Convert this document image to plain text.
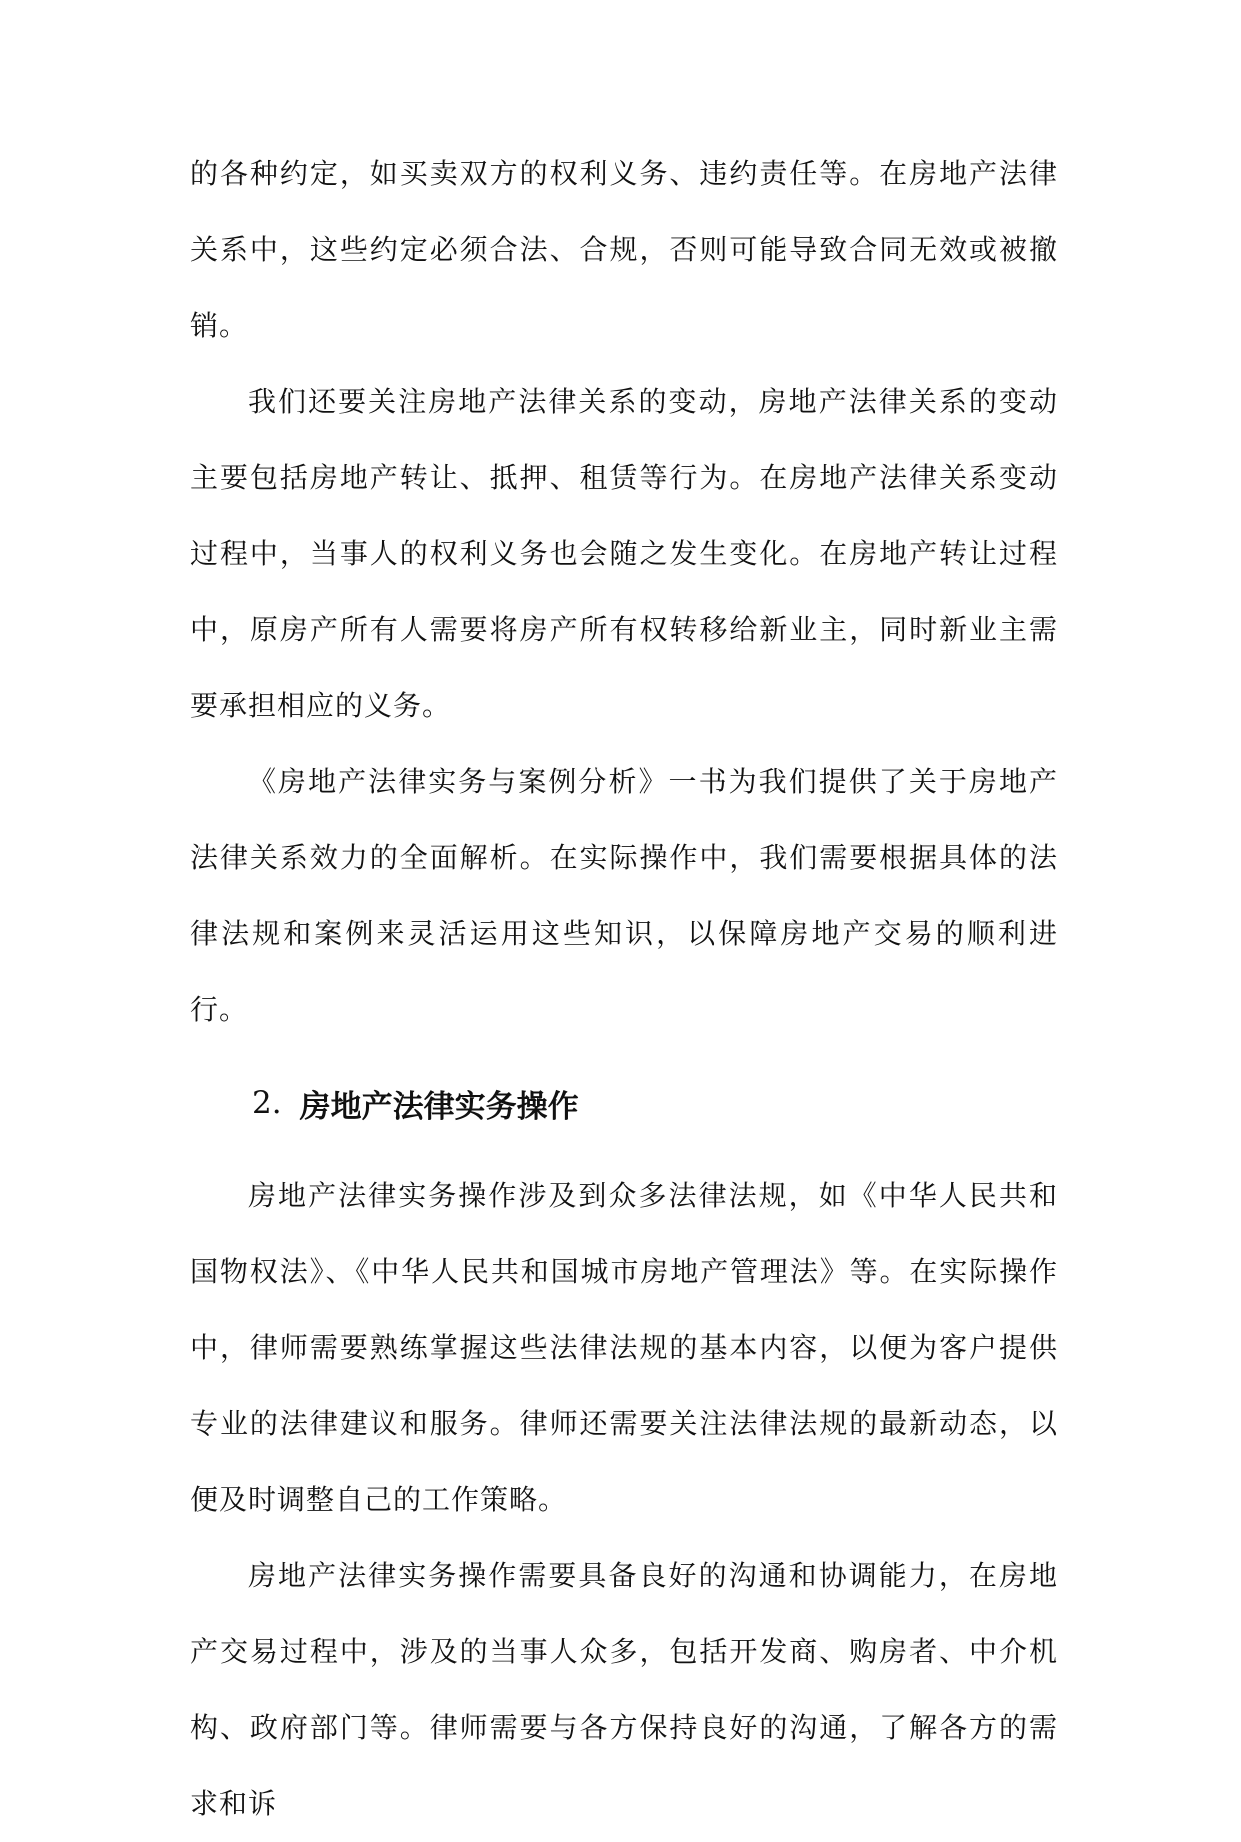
的各种约定，如买卖双方的权利义务、违约责任等。在房地产法律关系中，这些约定必须合法、合规，否则可能导致合同无效或被撤销。

我们还要关注房地产法律关系的变动，房地产法律关系的变动主要包括房地产转让、抵押、租赁等行为。在房地产法律关系变动过程中，当事人的权利义务也会随之发生变化。在房地产转让过程中，原房产所有人需要将房产所有权转移给新业主，同时新业主需要承担相应的义务。

《房地产法律实务与案例分析》一书为我们提供了关于房地产法律关系效力的全面解析。在实际操作中，我们需要根据具体的法律法规和案例来灵活运用这些知识，以保障房地产交易的顺利进行。

2. 房地产法律实务操作

房地产法律实务操作涉及到众多法律法规，如《中华人民共和国物权法》、《中华人民共和国城市房地产管理法》等。在实际操作中，律师需要熟练掌握这些法律法规的基本内容，以便为客户提供专业的法律建议和服务。律师还需要关注法律法规的最新动态，以便及时调整自己的工作策略。

房地产法律实务操作需要具备良好的沟通和协调能力，在房地产交易过程中，涉及的当事人众多，包括开发商、购房者、中介机构、政府部门等。律师需要与各方保持良好的沟通，了解各方的需求和诉
